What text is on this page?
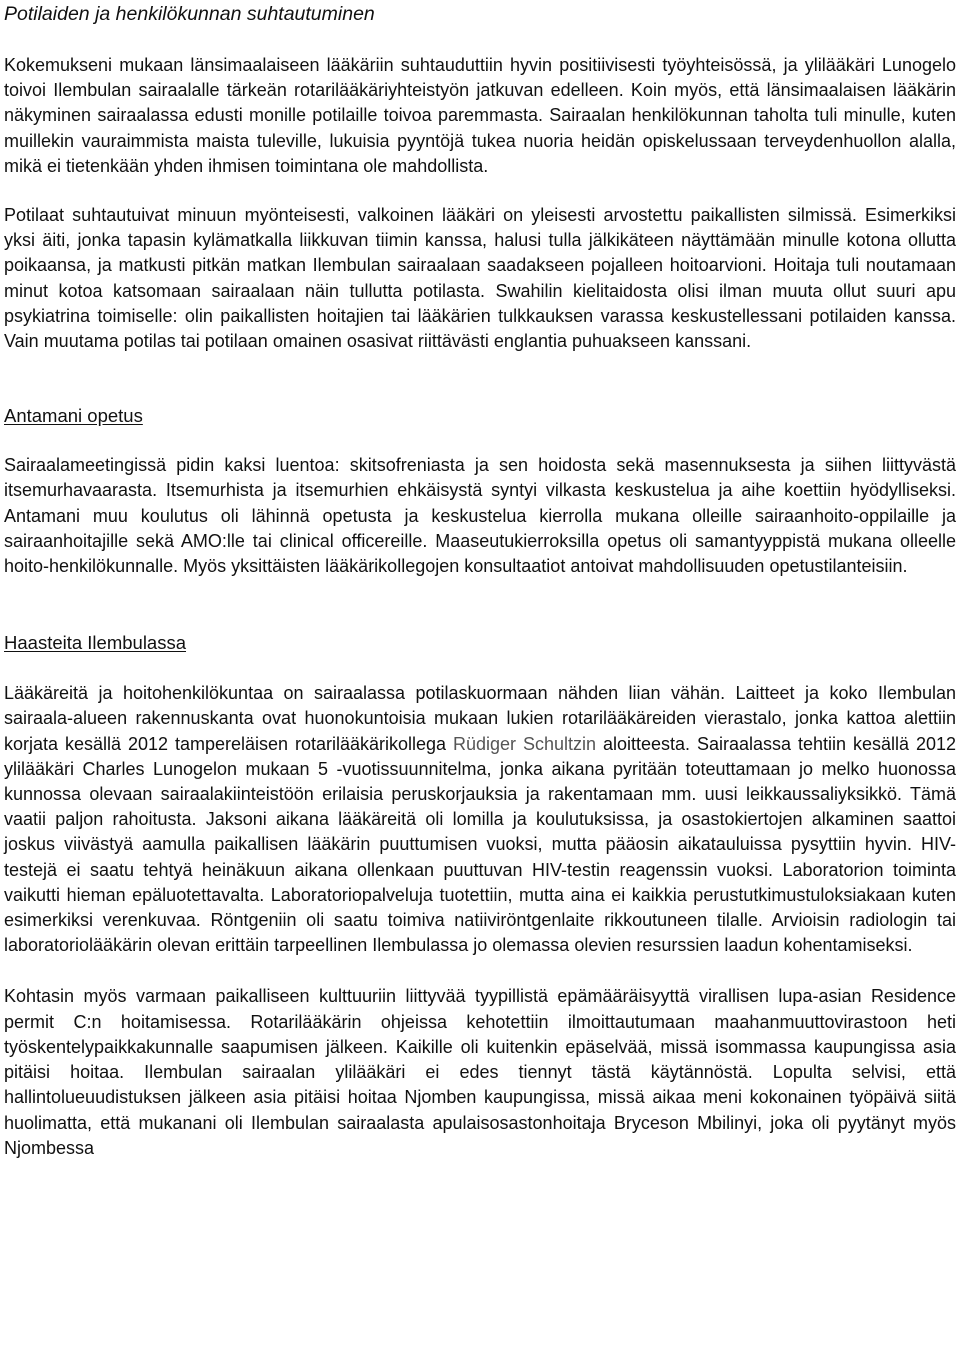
Potilaiden ja henkilökunnan suhtautuminen

Kokemukseni mukaan länsimaalaiseen lääkäriin suhtauduttiin hyvin positiivisesti työyhteisössä, ja ylilääkäri Lunogelo toivoi Ilembulan sairaalalle tärkeän rotarilääkäriyhteistyön jatkuvan edelleen. Koin myös, että länsimaalaisen lääkärin näkyminen sairaalassa edusti monille potilaille toivoa paremmasta. Sairaalan henkilökunnan taholta tuli minulle, kuten muillekin vauraimmista maista tuleville, lukuisia pyyntöjä tukea nuoria heidän opiskelussaan terveydenhuollon alalla, mikä ei tietenkään yhden ihmisen toimintana ole mahdollista.

Potilaat suhtautuivat minuun myönteisesti, valkoinen lääkäri on yleisesti arvostettu paikallisten silmissä. Esimerkiksi yksi äiti, jonka tapasin kylämatkalla liikkuvan tiimin kanssa, halusi tulla jälkikäteen näyttämään minulle kotona ollutta poikaansa, ja matkusti pitkän matkan Ilembulan sairaalaan saadakseen pojalleen hoitoarvioni. Hoitaja tuli noutamaan minut kotoa katsomaan sairaalaan näin tullutta potilasta. Swahilin kielitaidosta olisi ilman muuta ollut suuri apu psykiatrina toimiselle: olin paikallisten hoitajien tai lääkärien tulkkauksen varassa keskustellessani potilaiden kanssa. Vain muutama potilas tai potilaan omainen osasivat riittävästi englantia puhuakseen kanssani.

Antamani opetus

Sairaalameetingissä pidin kaksi luentoa: skitsofreniasta ja sen hoidosta sekä masennuksesta ja siihen liittyvästä itsemurhavaarasta. Itsemurhista ja itsemurhien ehkäisystä syntyi vilkasta keskustelua ja aihe koettiin hyödylliseksi. Antamani muu koulutus oli lähinnä opetusta ja keskustelua kierrolla mukana olleille sairaanhoito-oppilaille ja sairaanhoitajille sekä AMO:lle tai clinical officereille. Maaseutukierroksilla opetus oli samantyyppistä mukana olleelle hoito-henkilökunnalle. Myös yksittäisten lääkärikollegojen konsultaatiot antoivat mahdollisuuden opetustilanteisiin.

Haasteita Ilembulassa

Lääkäreitä ja hoitohenkilökuntaa on sairaalassa potilaskuormaan nähden liian vähän. Laitteet ja koko Ilembulan sairaala-alueen rakennuskanta ovat huonokuntoisia mukaan lukien rotarilääkäreiden vierastalo, jonka kattoa alettiin korjata kesällä 2012 tampereläisen rotarilääkärikollega Rüdiger Schultzin aloitteesta. Sairaalassa tehtiin kesällä 2012 ylilääkäri Charles Lunogelon mukaan 5 -vuotissuunnitelma, jonka aikana pyritään toteuttamaan jo melko huonossa kunnossa olevaan sairaalakiinteistöön erilaisia peruskorjauksia ja rakentamaan mm. uusi leikkaussaliyksikkö. Tämä vaatii paljon rahoitusta. Jaksoni aikana lääkäreitä oli lomilla ja koulutuksissa, ja osastokiertojen alkaminen saattoi joskus viivästyä aamulla paikallisen lääkärin puuttumisen vuoksi, mutta pääosin aikatauluissa pysyttiin hyvin. HIV-testejä ei saatu tehtyä heinäkuun aikana ollenkaan puuttuvan HIV-testin reagenssin vuoksi. Laboratorion toiminta vaikutti hieman epäluotettavalta. Laboratoriopalveluja tuotettiin, mutta aina ei kaikkia perustutkimustuloksiakaan kuten esimerkiksi verenkuvaa. Röntgeniin oli saatu toimiva natiiviröntgenlaite rikkoutuneen tilalle. Arvioisin radiologin tai laboratoriolääkärin olevan erittäin tarpeellinen Ilembulassa jo olemassa olevien resurssien laadun kohentamiseksi.

Kohtasin myös varmaan paikalliseen kulttuuriin liittyvää tyypillistä epämääräisyyttä virallisen lupa-asian Residence permit C:n hoitamisessa. Rotarilääkärin ohjeissa kehotettiin ilmoittautumaan maahanmuuttovirastoon heti työskentelypaikkakunnalle saapumisen jälkeen. Kaikille oli kuitenkin epäselvää, missä isommassa kaupungissa asia pitäisi hoitaa. Ilembulan sairaalan ylilääkäri ei edes tiennyt tästä käytännöstä. Lopulta selvisi, että hallintolueuudistuksen jälkeen asia pitäisi hoitaa Njomben kaupungissa, missä aikaa meni kokonainen työpäivä siitä huolimatta, että mukanani oli Ilembulan sairaalasta apulaisosastonhoitaja Bryceson Mbilinyi, joka oli pyytänyt myös Njombessa
